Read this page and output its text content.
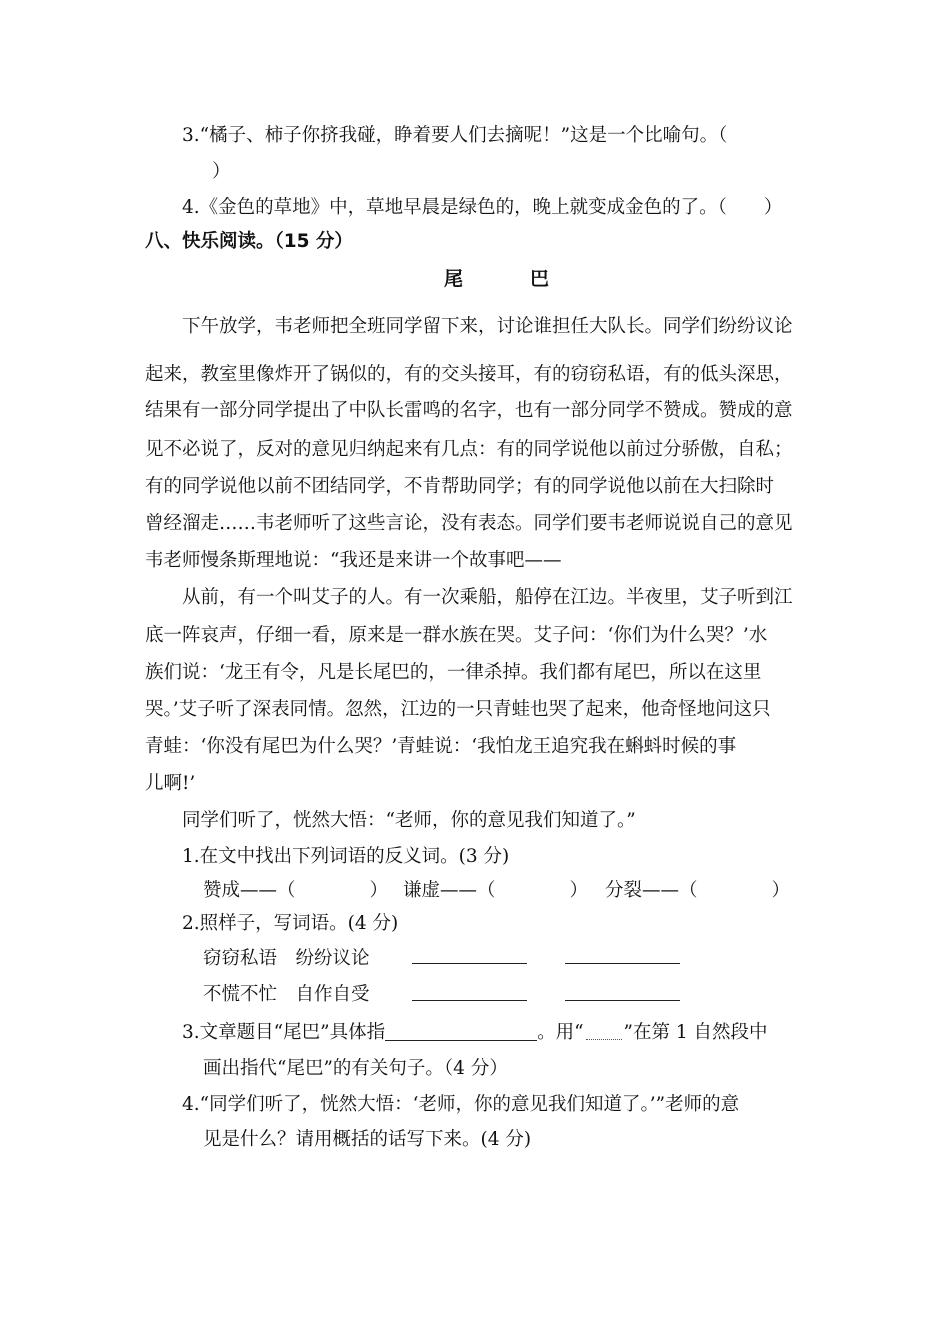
3.“橘子、柿子你挤我碰，睁着要人们去摘呢！”这是一个比喻句。（
）
4.《金色的草地》中，草地早晨是绿色的，晚上就变成金色的了。（　　）
八、快乐阅读。（15 分）
尾　巴
下午放学，韦老师把全班同学留下来，讨论谁担任大队长。同学们纷纷议论
起来，教室里像炸开了锅似的，有的交头接耳，有的窃窃私语，有的低头深思，
结果有一部分同学提出了中队长雷鸣的名字，也有一部分同学不赞成。赞成的意
见不必说了，反对的意见归纳起来有几点：有的同学说他以前过分骄傲，自私；
有的同学说他以前不团结同学，不肯帮助同学；有的同学说他以前在大扫除时
曾经溜走……韦老师听了这些言论，没有表态。同学们要韦老师说说自己的意见
韦老师慢条斯理地说：“我还是来讲一个故事吧——
从前，有一个叫艾子的人。有一次乘船，船停在江边。半夜里，艾子听到江
底一阵哀声，仔细一看，原来是一群水族在哭。艾子问：‘你们为什么哭？’水
族们说：‘龙王有令，凡是长尾巴的，一律杀掉。我们都有尾巴，所以在这里
哭。’艾子听了深表同情。忽然，江边的一只青蛙也哭了起来，他奇怪地问这只
青蛙：‘你没有尾巴为什么哭？’青蛙说：‘我怕龙王追究我在蝌蚪时候的事
儿啊!’
同学们听了，恍然大悟：“老师，你的意见我们知道了。”
1.在文中找出下列词语的反义词。(3 分)
赞成——（　　　　） 谦虚——（　　　　） 分裂——（　　　　）
2.照样子，写词语。(4 分)
窃窃私语　纷纷议论
不慌不忙　自作自受
3.文章题目“尾巴”具体指	。用“ ”在第 1 自然段中
画出指代“尾巴”的有关句子。（4 分）
4.“同学们听了，恍然大悟：‘老师，你的意见我们知道了。’”老师的意
见是什么？请用概括的话写下来。(4 分)
